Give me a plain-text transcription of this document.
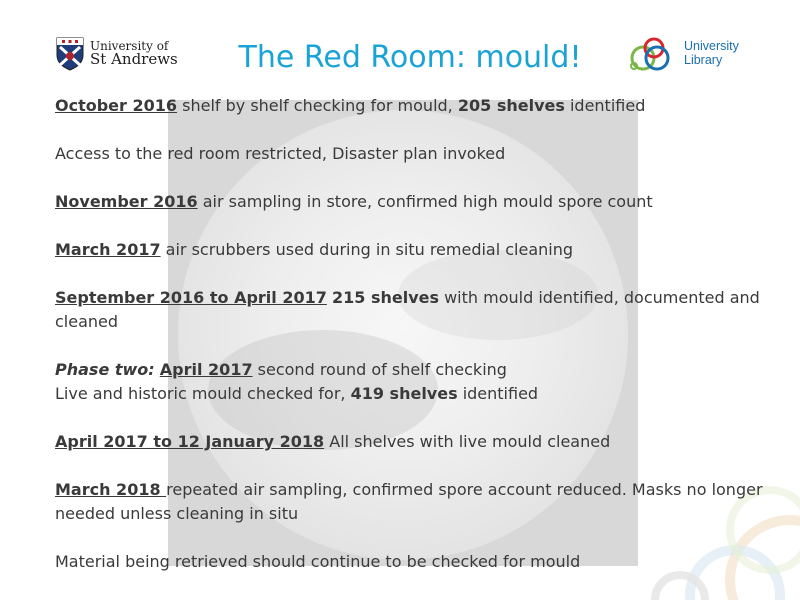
University of
St Andrews	The Red Room: mould!	University
Library

October 2016 shelf by shelf checking for mould, 205 shelves identified

Access to the red room restricted, Disaster plan invoked

November 2016 air sampling in store, confirmed high mould spore count

March 2017 air scrubbers used during in situ remedial cleaning

September 2016 to April 2017 215 shelves with mould identified, documented and cleaned

Phase two: April 2017 second round of shelf checking
Live and historic mould checked for, 419 shelves identified

April 2017 to 12 January 2018 All shelves with live mould cleaned

March 2018 repeated air sampling, confirmed spore account reduced. Masks no longer needed unless cleaning in situ

Material being retrieved should continue to be checked for mould
